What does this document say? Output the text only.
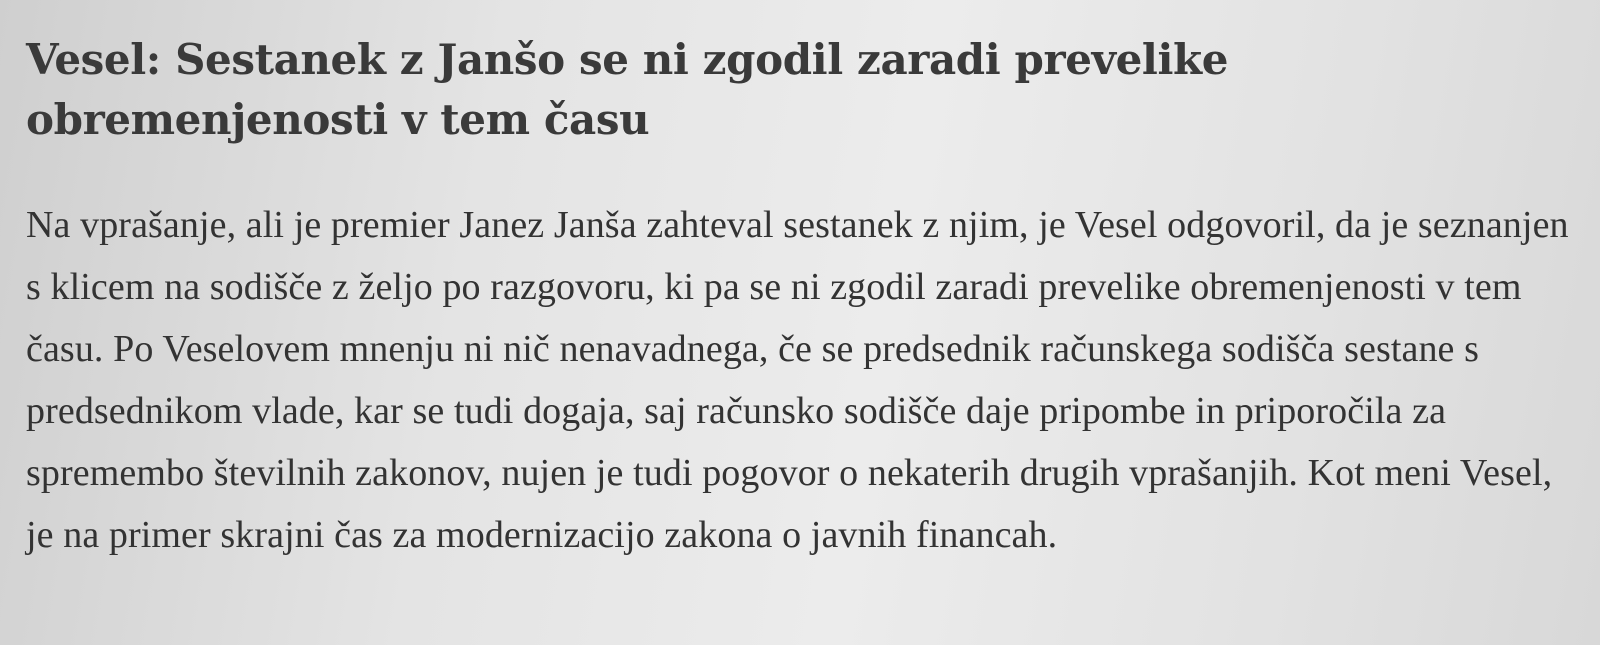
Vesel: Sestanek z Janšo se ni zgodil zaradi prevelike obremenjenosti v tem času

Na vprašanje, ali je premier Janez Janša zahteval sestanek z njim, je Vesel odgovoril, da je seznanjen s klicem na sodišče z željo po razgovoru, ki pa se ni zgodil zaradi prevelike obremenjenosti v tem času. Po Veselovem mnenju ni nič nenavadnega, če se predsednik računskega sodišča sestane s predsednikom vlade, kar se tudi dogaja, saj računsko sodišče daje pripombe in priporočila za spremembo številnih zakonov, nujen je tudi pogovor o nekaterih drugih vprašanjih. Kot meni Vesel, je na primer skrajni čas za modernizacijo zakona o javnih financah.
